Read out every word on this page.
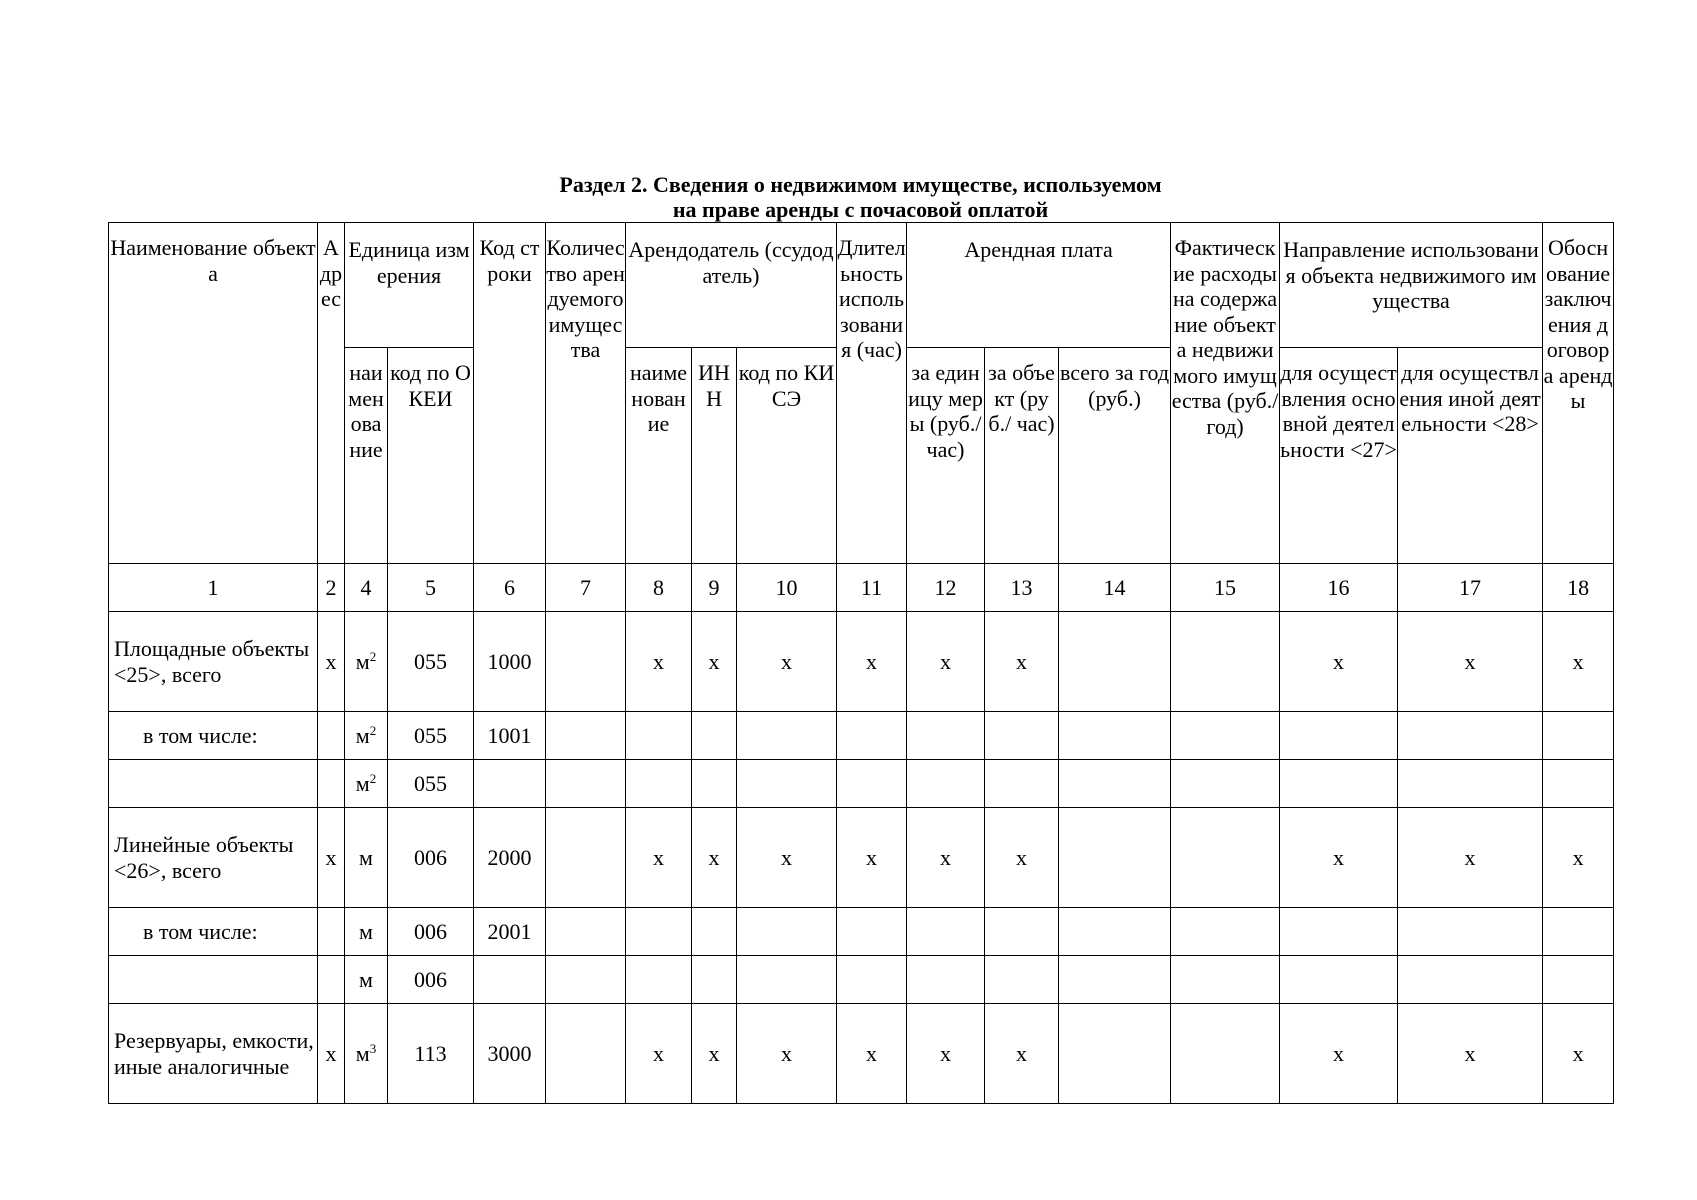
Раздел 2. Сведения о недвижимом имуществе, используемом
на праве аренды с почасовой оплатой
Наименование объекта	Адрес	Единица измерения		Код строки	Количество арендуемого имущества	Арендодатель (ссудодатель)			Длительность использования (час)	Арендная плата			Фактические расходы на содержание объекта недвижимого имущества (руб./ год)	Направление использования объекта недвижимого имущества		Обоснование заключения договора аренды
		наименование	код по ОКЕИ			наименование	ИНН	код по КИСЭ		за единицу меры (руб./ час)	за объект (руб./ час)	всего за год (руб.)		для осуществления основной деятельности <27>	для осуществления иной деятельности <28>	
1	2	4	5	6	7	8	9	10	11	12	13	14	15	16	17	18
Площадные объекты <25>, всего	x	$м^2$	055	1000		x	x	x	x	x	x			x	x	x
в том числе:		$м^2$	055	1001												
		$м^2$	055													
Линейные объекты <26>, всего	x	м	006	2000		x	x	x	x	x	x			x	x	x
в том числе:		м	006	2001												
		м	006													
Резервуары, емкости, иные аналогичные	x	$м^3$	113	3000		x	x	x	x	x	x			x	x	x
